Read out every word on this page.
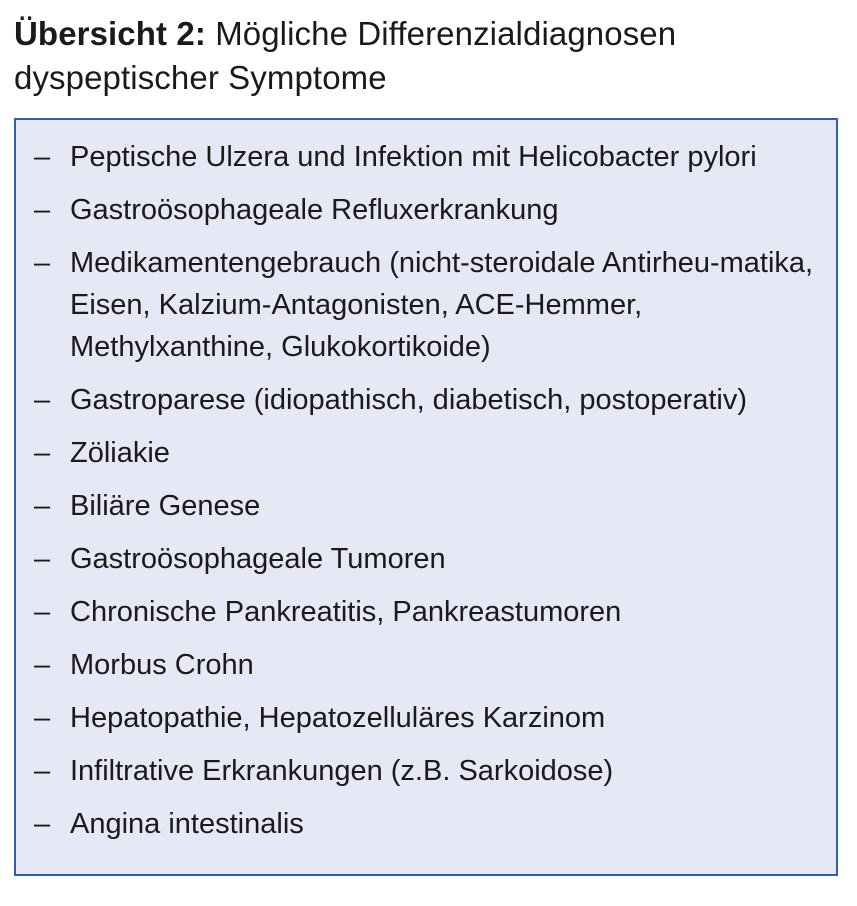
Übersicht 2: Mögliche Differenzialdiagnosen dyspeptischer Symptome
– Peptische Ulzera und Infektion mit Helicobacter pylori
– Gastroösophageale Refluxerkrankung
– Medikamentengebrauch (nicht-steroidale Antirheu-matika, Eisen, Kalzium-Antagonisten, ACE-Hemmer, Methylxanthine, Glukokortikoide)
– Gastroparese (idiopathisch, diabetisch, postoperativ)
– Zöliakie
– Biliäre Genese
– Gastroösophageale Tumoren
– Chronische Pankreatitis, Pankreastumoren
– Morbus Crohn
– Hepatopathie, Hepatozelluläres Karzinom
– Infiltrative Erkrankungen (z.B. Sarkoidose)
– Angina intestinalis
